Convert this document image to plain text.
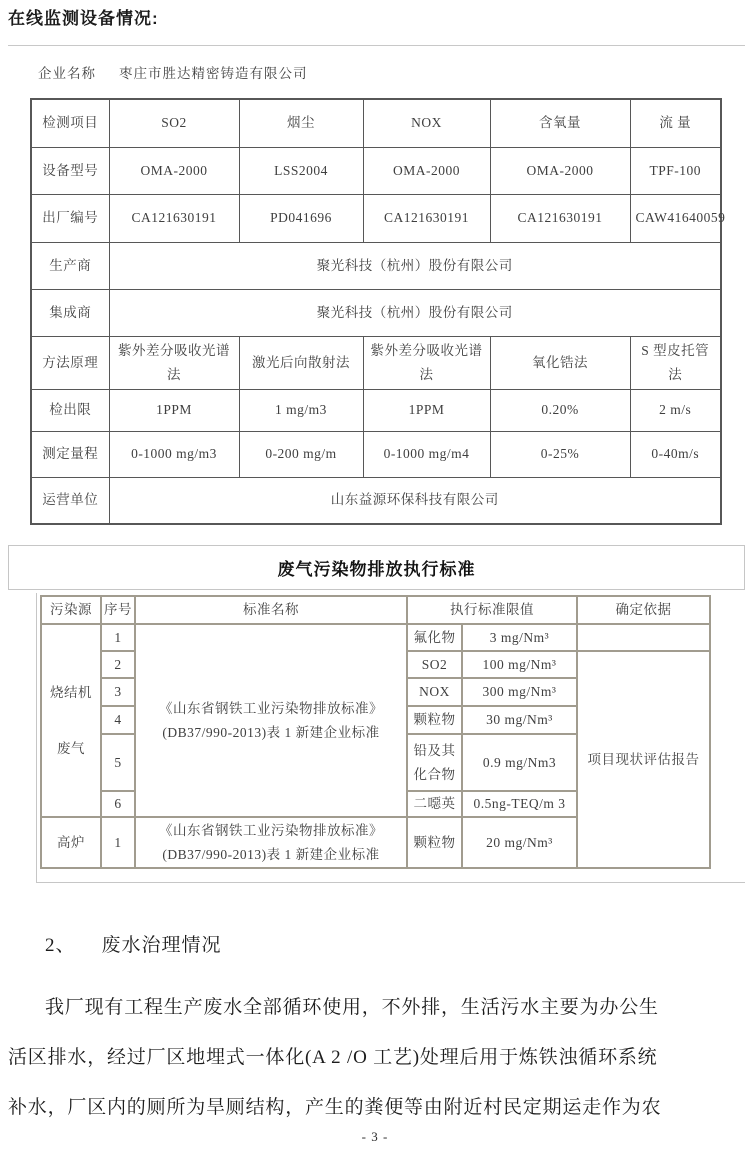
在线监测设备情况:
企业名称 枣庄市胜达精密铸造有限公司
检测项目	SO2	烟尘	NOX	含氧量	流 量
设备型号	OMA-2000	LSS2004	OMA-2000	OMA-2000	TPF-100
出厂编号	CA121630191	PD041696	CA121630191	CA121630191	CAW41640059
生产商	聚光科技（杭州）股份有限公司				
集成商	聚光科技（杭州）股份有限公司				
方法原理	紫外差分吸收光谱法	激光后向散射法	紫外差分吸收光谱法	氧化锆法	S 型皮托管法
检出限	1PPM	1 mg/m3	1PPM	0.20%	2 m/s
测定量程	0-1000 mg/m3	0-200 mg/m	0-1000 mg/m4	0-25%	0-40m/s
运营单位	山东益源环保科技有限公司				
废气污染物排放执行标准
污染源	序号	标准名称	执行标准限值		确定依据

烧结机
废气	1	《山东省钢铁工业污染物排放标准》(DB37/990-2013)表 1 新建企业标准	氟化物	3 mg/Nm³	
	2		SO2	100 mg/Nm³	项目现状评估报告
	3		NOX	300 mg/Nm³	
	4		颗粒物	30 mg/Nm³	
	5		铅及其化合物	0.9 mg/Nm3	
	6		二噁英	0.5ng-TEQ/m 3	
高炉	1	《山东省钢铁工业污染物排放标准》(DB37/990-2013)表 1 新建企业标准	颗粒物	20 mg/Nm³	
2、 废水治理情况
我厂现有工程生产废水全部循环使用，不外排，生活污水主要为办公生
活区排水，经过厂区地埋式一体化(A 2 /O 工艺)处理后用于炼铁浊循环系统
补水，厂区内的厕所为旱厕结构，产生的粪便等由附近村民定期运走作为农
- 3 -
